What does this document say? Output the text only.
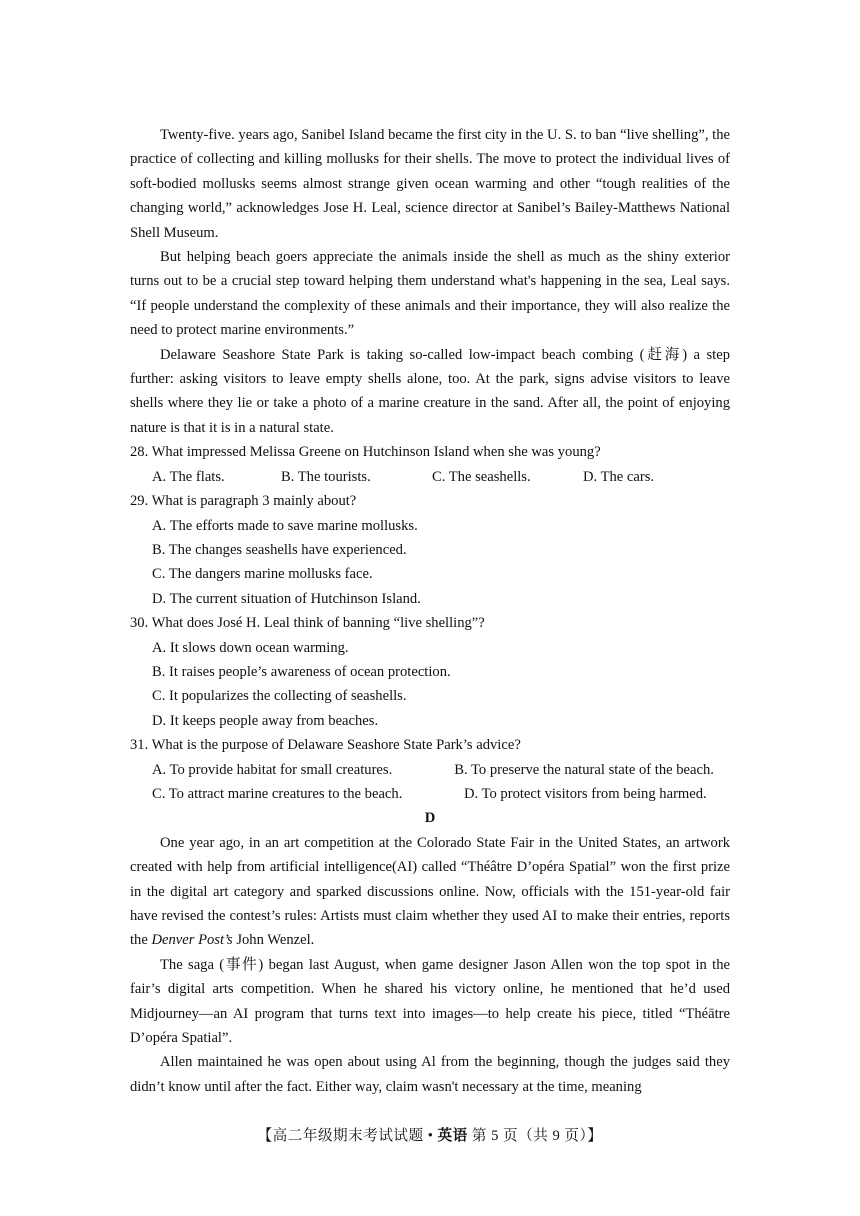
Twenty-five. years ago, Sanibel Island became the first city in the U. S. to ban “live shelling”, the practice of collecting and killing mollusks for their shells. The move to protect the individual lives of soft-bodied mollusks seems almost strange given ocean warming and other “tough realities of the changing world,” acknowledges Jose H. Leal, science director at Sanibel’s Bailey-Matthews National Shell Museum.

But helping beach goers appreciate the animals inside the shell as much as the shiny exterior turns out to be a crucial step toward helping them understand what's happening in the sea, Leal says. “If people understand the complexity of these animals and their importance, they will also realize the need to protect marine environments.”

Delaware Seashore State Park is taking so-called low-impact beach combing (赶海) a step further: asking visitors to leave empty shells alone, too. At the park, signs advise visitors to leave shells where they lie or take a photo of a marine creature in the sand. After all, the point of enjoying nature is that it is in a natural state.

28. What impressed Melissa Greene on Hutchinson Island when she was young?

A. The flats.	B. The tourists.	C. The seashells.	D. The cars.

29. What is paragraph 3 mainly about?

A. The efforts made to save marine mollusks.

B. The changes seashells have experienced.

C. The dangers marine mollusks face.

D. The current situation of Hutchinson Island.

30. What does José H. Leal think of banning “live shelling”?

A. It slows down ocean warming.

B. It raises people’s awareness of ocean protection.

C. It popularizes the collecting of seashells.

D. It keeps people away from beaches.

31. What is the purpose of Delaware Seashore State Park’s advice?

A. To provide habitat for small creatures.	B. To preserve the natural state of the beach.

C. To attract marine creatures to the beach.	D. To protect visitors from being harmed.

D

One year ago, in an art competition at the Colorado State Fair in the United States, an artwork created with help from artificial intelligence(AI) called “Théâtre D’opéra Spatial” won the first prize in the digital art category and sparked discussions online. Now, officials with the 151-year-old fair have revised the contest’s rules: Artists must claim whether they used AI to make their entries, reports the Denver Post’s John Wenzel.

The saga (事件) began last August, when game designer Jason Allen won the top spot in the fair’s digital arts competition. When he shared his victory online, he mentioned that he’d used Midjourney—an AI program that turns text into images—to help create his piece, titled “Théātre D’opéra Spatial”.

Allen maintained he was open about using Al from the beginning, though the judges said they didn’t know until after the fact. Either way, claim wasn't necessary at the time, meaning

【高二年级期末考试试题 • 英语 第 5 页（共 9 页）】
